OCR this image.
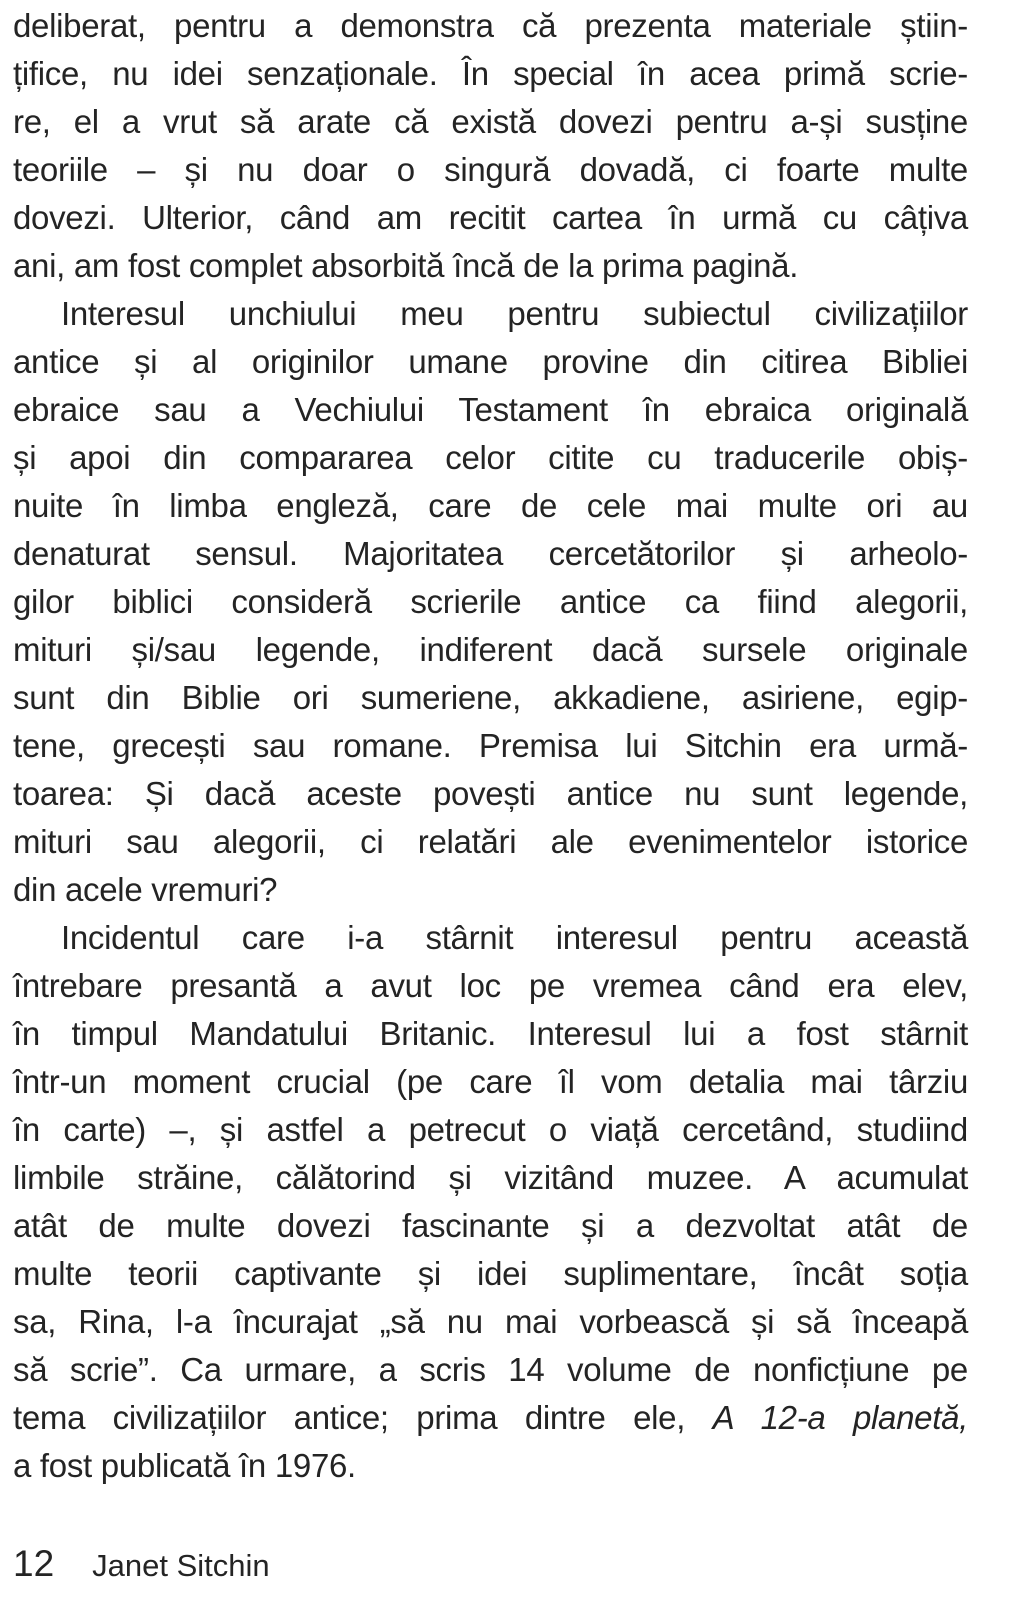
deliberat, pentru a demonstra că prezenta materiale știin-
țifice, nu idei senzaționale. În special în acea primă scrie-
re, el a vrut să arate că există dovezi pentru a-și susține
teoriile – și nu doar o singură dovadă, ci foarte multe
dovezi. Ulterior, când am recitit cartea în urmă cu câțiva
ani, am fost complet absorbită încă de la prima pagină.
Interesul unchiului meu pentru subiectul civilizațiilor
antice și al originilor umane provine din citirea Bibliei
ebraice sau a Vechiului Testament în ebraica originală
și apoi din compararea celor citite cu traducerile obiș-
nuite în limba engleză, care de cele mai multe ori au
denaturat sensul. Majoritatea cercetătorilor și arheolo-
gilor biblici consideră scrierile antice ca fiind alegorii,
mituri și/sau legende, indiferent dacă sursele originale
sunt din Biblie ori sumeriene, akkadiene, asiriene, egip-
tene, grecești sau romane. Premisa lui Sitchin era urmă-
toarea: Și dacă aceste povești antice nu sunt legende,
mituri sau alegorii, ci relatări ale evenimentelor istorice
din acele vremuri?
Incidentul care i-a stârnit interesul pentru această
întrebare presantă a avut loc pe vremea când era elev,
în timpul Mandatului Britanic. Interesul lui a fost stârnit
într-un moment crucial (pe care îl vom detalia mai târziu
în carte) –, și astfel a petrecut o viață cercetând, studiind
limbile străine, călătorind și vizitând muzee. A acumulat
atât de multe dovezi fascinante și a dezvoltat atât de
multe teorii captivante și idei suplimentare, încât soția
sa, Rina, l-a încurajat „să nu mai vorbească și să înceapă
să scrie”. Ca urmare, a scris 14 volume de nonficțiune pe
tema civilizațiilor antice; prima dintre ele, A 12-a planetă,
a fost publicată în 1976.
12 Janet Sitchin
